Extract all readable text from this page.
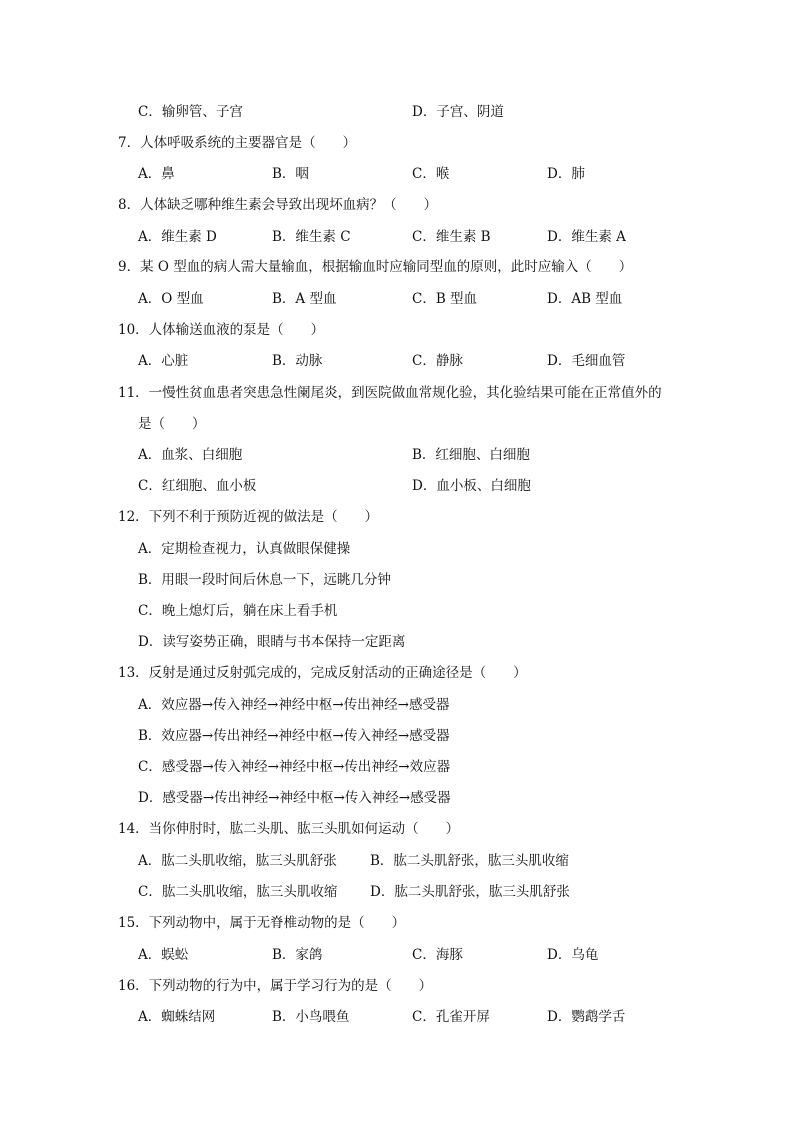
C．输卵管、子宫	D．子宫、阴道
7．人体呼吸系统的主要器官是（　　）
A．鼻	B．咽	C．喉	D．肺
8．人体缺乏哪种维生素会导致出现坏血病？（　　）
A．维生素 D	B．维生素 C	C．维生素 B	D．维生素 A
9．某 O 型血的病人需大量输血，根据输血时应输同型血的原则，此时应输入（　　）
A．O 型血	B．A 型血	C．B 型血	D．AB 型血
10．人体输送血液的泵是（　　）
A．心脏	B．动脉	C．静脉	D．毛细血管
11．一慢性贫血患者突患急性阑尾炎，到医院做血常规化验，其化验结果可能在正常值外的
是（　　）
A．血浆、白细胞	B．红细胞、白细胞
C．红细胞、血小板	D．血小板、白细胞
12．下列不利于预防近视的做法是（　　）
A．定期检查视力，认真做眼保健操
B．用眼一段时间后休息一下，远眺几分钟
C．晚上熄灯后，躺在床上看手机
D．读写姿势正确，眼睛与书本保持一定距离
13．反射是通过反射弧完成的，完成反射活动的正确途径是（　　）
A．效应器→传入神经→神经中枢→传出神经→感受器
B．效应器→传出神经→神经中枢→传入神经→感受器
C．感受器→传入神经→神经中枢→传出神经→效应器
D．感受器→传出神经→神经中枢→传入神经→感受器
14．当你伸肘时，肱二头肌、肱三头肌如何运动（　　）
A．肱二头肌收缩，肱三头肌舒张 B．肱二头肌舒张，肱三头肌收缩
C．肱二头肌收缩，肱三头肌收缩 D．肱二头肌舒张，肱三头肌舒张
15．下列动物中，属于无脊椎动物的是（　　）
A．蜈蚣	B．家鸽	C．海豚	D．乌龟
16．下列动物的行为中，属于学习行为的是（　　）
A．蜘蛛结网	B．小鸟喂鱼	C．孔雀开屏	D．鹦鹉学舌
